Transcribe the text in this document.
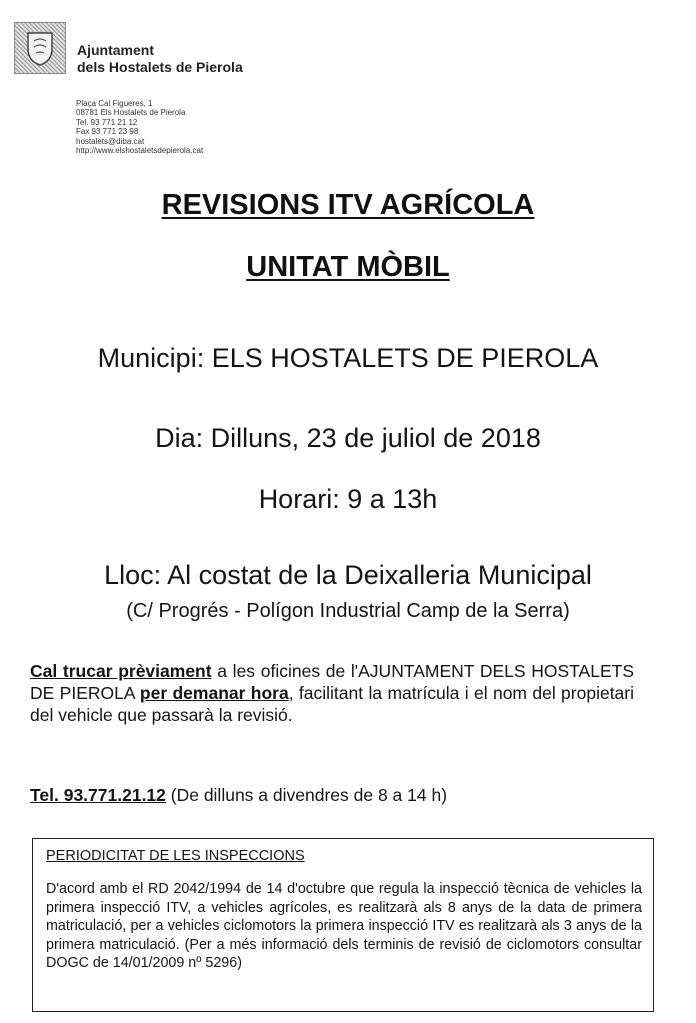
Ajuntament
dels Hostalets de Pierola
Plaça Cal Figueres, 1
08781 Els Hostalets de Pierola
Tel. 93 771 21 12
Fax 93 771 23 98
hostalets@diba.cat
http://www.elshostaletsdepierola.cat
REVISIONS ITV AGRÍCOLA
UNITAT MÒBIL
Municipi: ELS HOSTALETS DE PIEROLA
Dia: Dilluns, 23 de juliol de 2018
Horari: 9 a 13h
Lloc: Al costat de la Deixalleria Municipal
(C/ Progrés - Polígon Industrial Camp de la Serra)
Cal trucar prèviament a les oficines de l'AJUNTAMENT DELS HOSTALETS DE PIEROLA per demanar hora, facilitant la matrícula i el nom del propietari del vehicle que passarà la revisió.
Tel. 93.771.21.12 (De dilluns a divendres de 8 a 14 h)
PERIODICITAT DE LES INSPECCIONS
D'acord amb el RD 2042/1994 de 14 d'octubre que regula la inspecció tècnica de vehicles la primera inspecció ITV, a vehicles agrícoles, es realitzarà als 8 anys de la data de primera matriculació, per a vehicles ciclomotors la primera inspecció ITV es realitzarà als 3 anys de la primera matriculació. (Per a més informació dels terminis de revisió de ciclomotors consultar DOGC de 14/01/2009 nº 5296)
